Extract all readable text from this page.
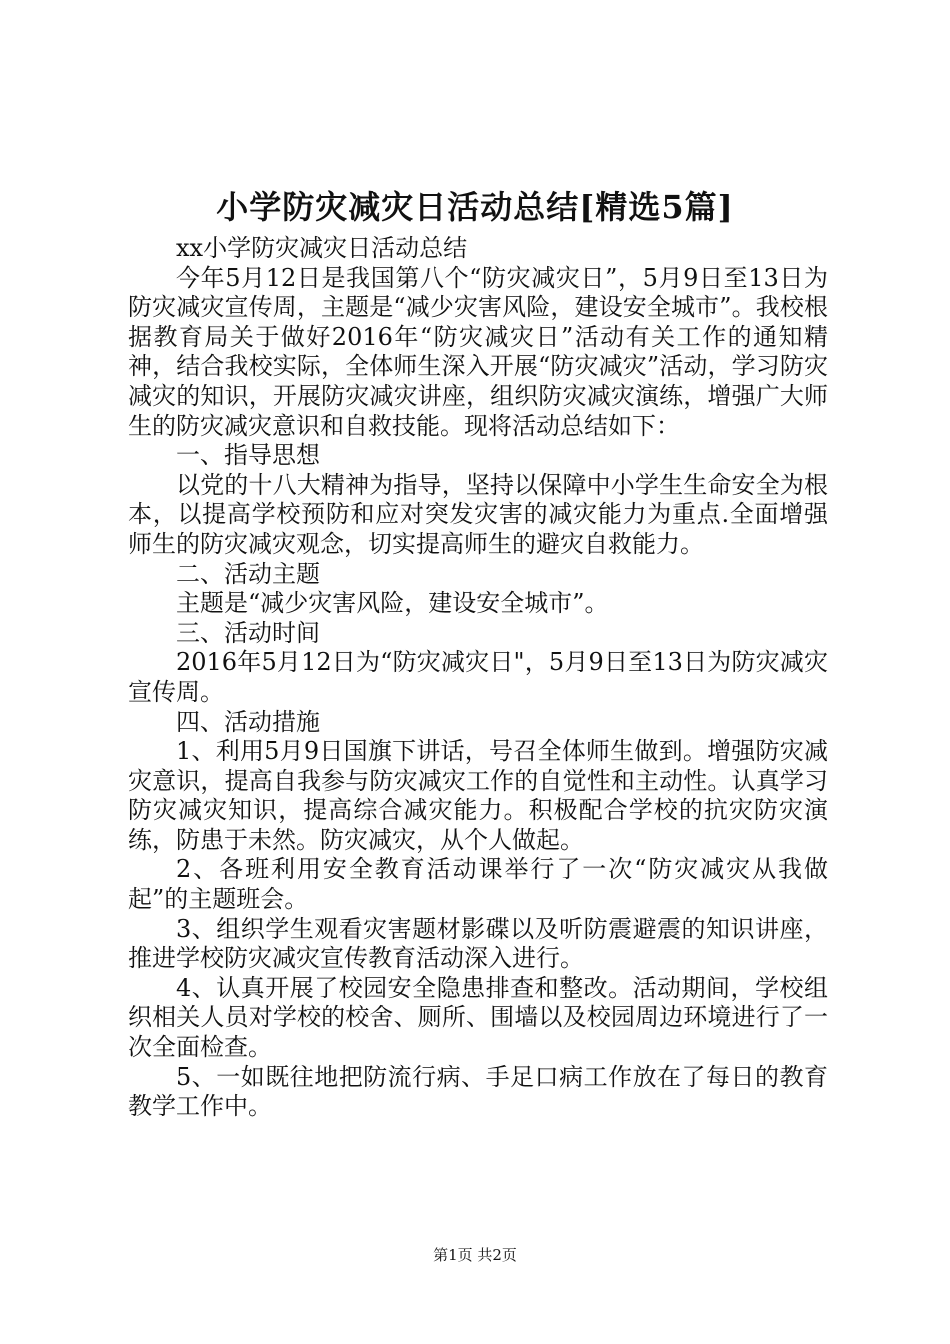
小学防灾减灾日活动总结[精选5篇]

xx小学防灾减灾日活动总结

今年5月12日是我国第八个“防灾减灾日”，5月9日至13日为防灾减灾宣传周，主题是“减少灾害风险，建设安全城市”。我校根据教育局关于做好2016年“防灾减灾日”活动有关工作的通知精神，结合我校实际，全体师生深入开展“防灾减灾”活动，学习防灾减灾的知识，开展防灾减灾讲座，组织防灾减灾演练，增强广大师生的防灾减灾意识和自救技能。现将活动总结如下：

一、指导思想

以党的十八大精神为指导，坚持以保障中小学生生命安全为根本，以提高学校预防和应对突发灾害的减灾能力为重点.全面增强师生的防灾减灾观念，切实提高师生的避灾自救能力。

二、活动主题

主题是“减少灾害风险，建设安全城市”。

三、活动时间

2016年5月12日为“防灾减灾日"，5月9日至13日为防灾减灾宣传周。

四、活动措施

1、利用5月9日国旗下讲话，号召全体师生做到。增强防灾减灾意识，提高自我参与防灾减灾工作的自觉性和主动性。认真学习防灾减灾知识，提高综合减灾能力。积极配合学校的抗灾防灾演练，防患于未然。防灾减灾，从个人做起。

2、各班利用安全教育活动课举行了一次“防灾减灾从我做起”的主题班会。

3、组织学生观看灾害题材影碟以及听防震避震的知识讲座，推进学校防灾减灾宣传教育活动深入进行。

4、认真开展了校园安全隐患排查和整改。活动期间，学校组织相关人员对学校的校舍、厕所、围墙以及校园周边环境进行了一次全面检查。

5、一如既往地把防流行病、手足口病工作放在了每日的教育教学工作中。

第1页 共2页
